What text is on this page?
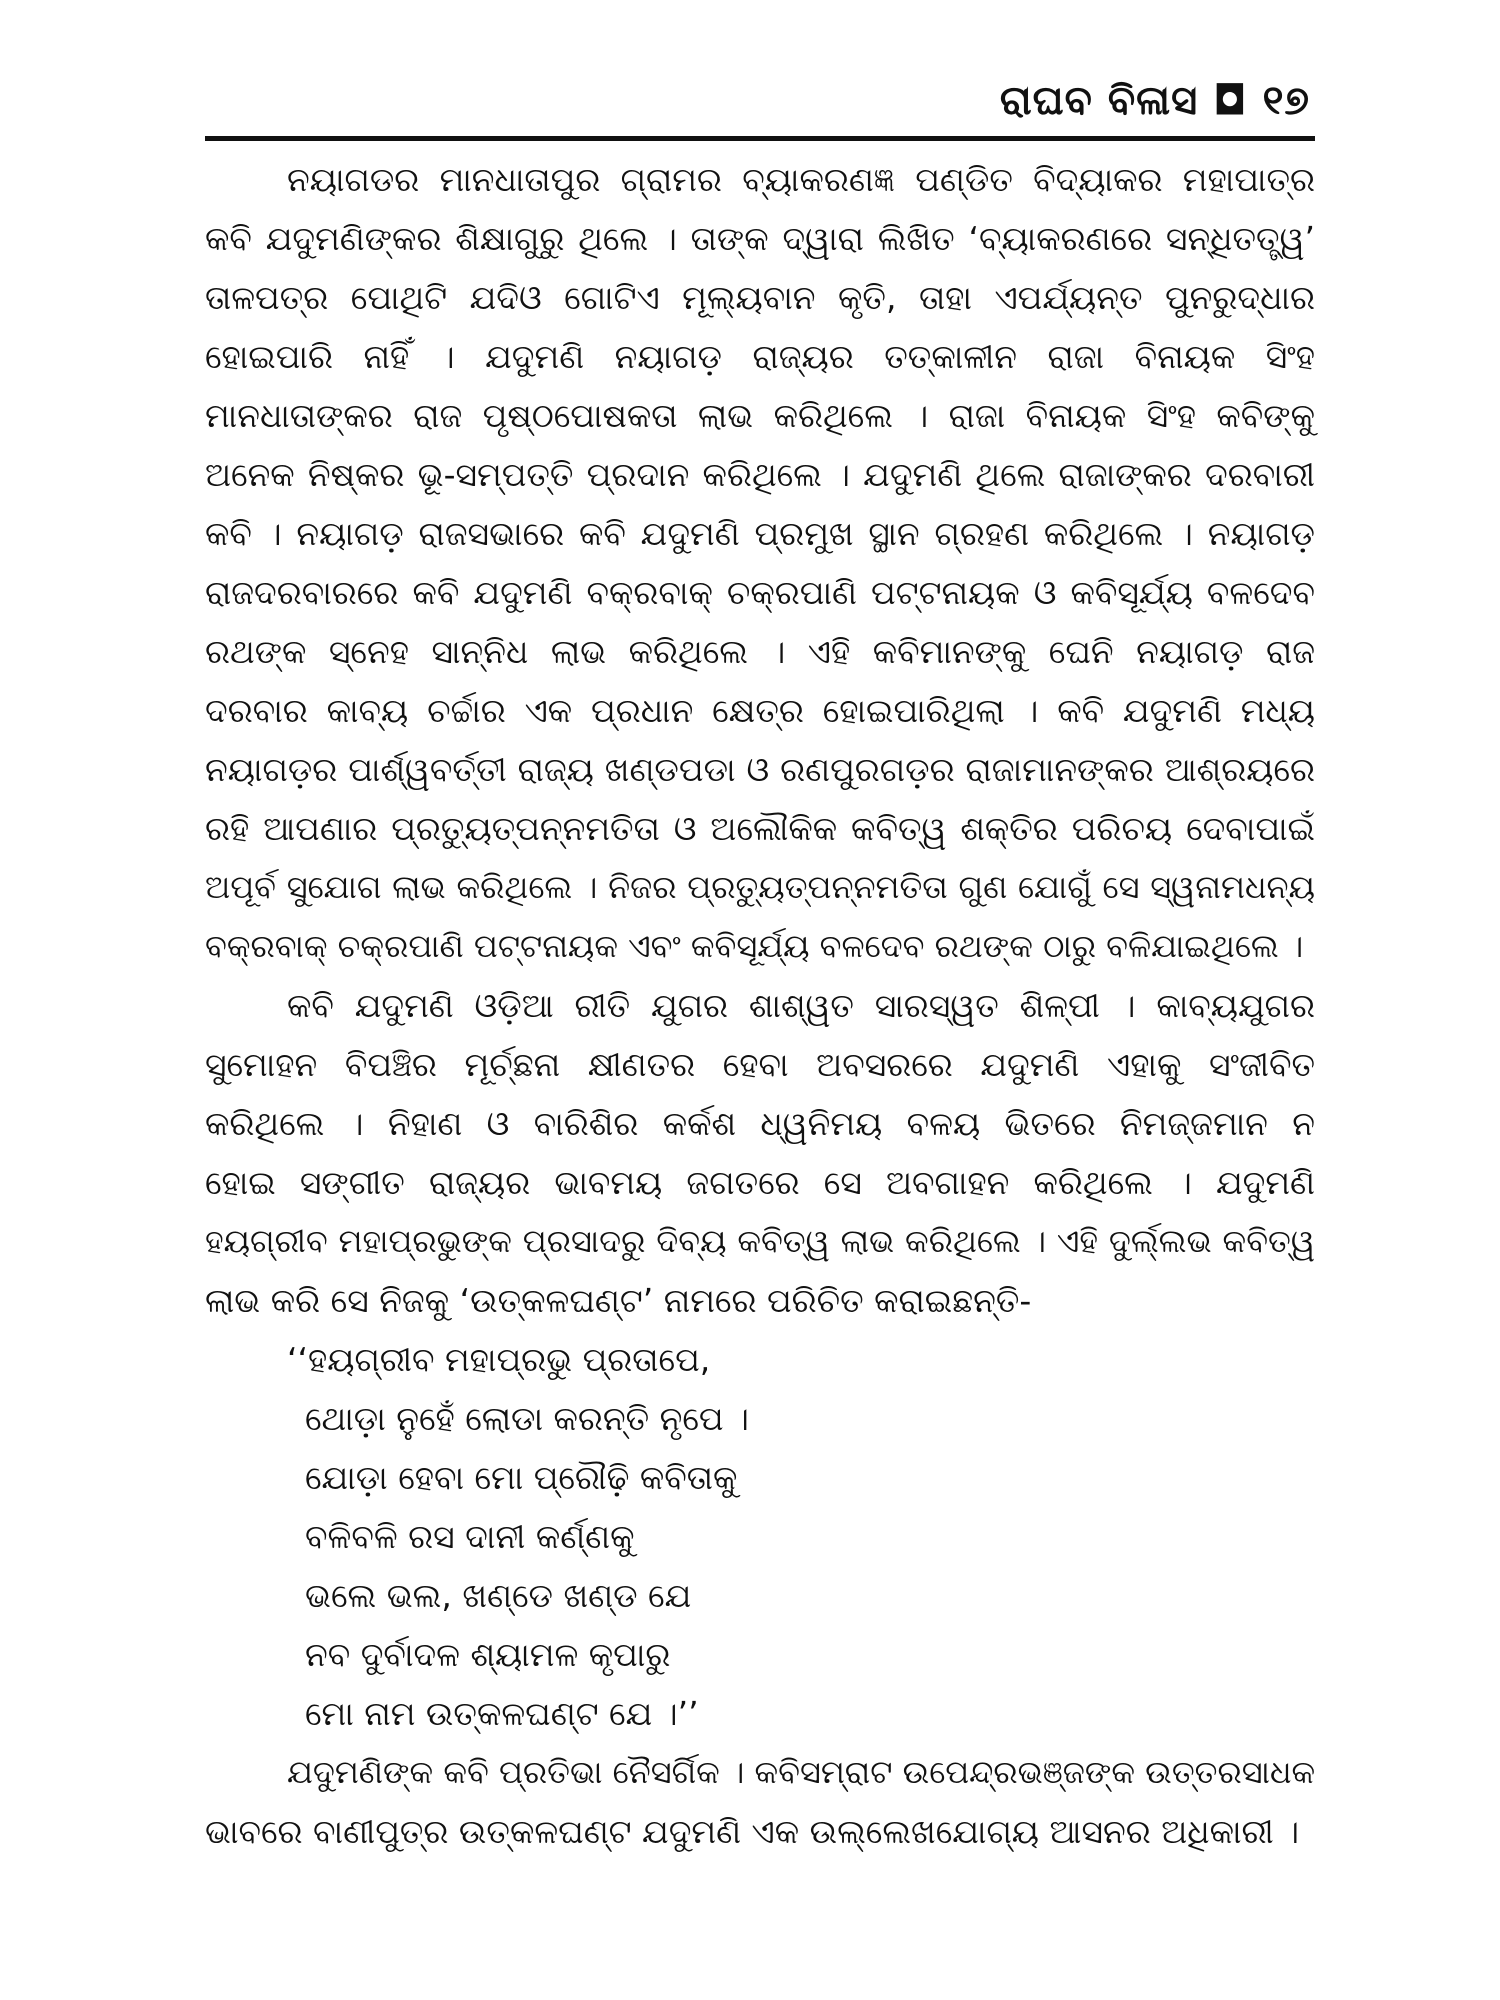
ରାଘବ ବିଳାସ ◘ ୧୭
ନୟାଗଡର ମାନଧାତାପୁର ଗ୍ରାମର ବ୍ୟାକରଣଜ୍ଞ ପଣ୍ଡିତ ବିଦ୍ୟାକର ମହାପାତ୍ର
କବି ଯଦୁମଣିଙ୍କର ଶିକ୍ଷାଗୁରୁ ଥିଲେ । ତାଙ୍କ ଦ୍ୱାରା ଲିଖିତ ‘ବ୍ୟାକରଣରେ ସନ୍ଧିତତ୍ତ୍ୱ’
ତାଳପତ୍ର ପୋଥିଟି ଯଦିଓ ଗୋଟିଏ ମୂଲ୍ୟବାନ କୃତି, ତାହା ଏପର୍ଯ୍ୟନ୍ତ ପୁନରୁଦ୍ଧାର
ହୋଇପାରି ନାହିଁ । ଯଦୁମଣି ନୟାଗଡ଼ ରାଜ୍ୟର ତତ୍କାଳୀନ ରାଜା ବିନାୟକ ସିଂହ
ମାନଧାତାଙ୍କର ରାଜ ପୃଷ୍ଠପୋଷକତା ଲାଭ କରିଥିଲେ । ରାଜା ବିନାୟକ ସିଂହ କବିଙ୍କୁ
ଅନେକ ନିଷ୍କର ଭୂ-ସମ୍ପତ୍ତି ପ୍ରଦାନ କରିଥିଲେ । ଯଦୁମଣି ଥିଲେ ରାଜାଙ୍କର ଦରବାରୀ
କବି । ନୟାଗଡ଼ ରାଜସଭାରେ କବି ଯଦୁମଣି ପ୍ରମୁଖ ସ୍ଥାନ ଗ୍ରହଣ କରିଥିଲେ । ନୟାଗଡ଼
ରାଜଦରବାରରେ କବି ଯଦୁମଣି ବକ୍ରବାକ୍ ଚକ୍ରପାଣି ପଟ୍ଟନାୟକ ଓ କବିସୂର୍ଯ୍ୟ ବଳଦେବ
ରଥଙ୍କ ସ୍ନେହ ସାନ୍ନିଧ ଲାଭ କରିଥିଲେ । ଏହି କବିମାନଙ୍କୁ ଘେନି ନୟାଗଡ଼ ରାଜ
ଦରବାର କାବ୍ୟ ଚର୍ଚ୍ଚାର ଏକ ପ୍ରଧାନ କ୍ଷେତ୍ର ହୋଇପାରିଥିଲା । କବି ଯଦୁମଣି ମଧ୍ୟ
ନୟାଗଡ଼ର ପାର୍ଶ୍ୱବର୍ତ୍ତୀ ରାଜ୍ୟ ଖଣ୍ଡପଡା ଓ ରଣପୁରଗଡ଼ର ରାଜାମାନଙ୍କର ଆଶ୍ରୟରେ
ରହି ଆପଣାର ପ୍ରତ୍ୟୁତ୍ପନ୍ନମତିତା ଓ ଅଲୌକିକ କବିତ୍ୱ ଶକ୍ତିର ପରିଚୟ ଦେବାପାଇଁ
ଅପୂର୍ବ ସୁଯୋଗ ଲାଭ କରିଥିଲେ । ନିଜର ପ୍ରତ୍ୟୁତ୍ପନ୍ନମତିତା ଗୁଣ ଯୋଗୁଁ ସେ ସ୍ୱନାମଧନ୍ୟ
ବକ୍ରବାକ୍ ଚକ୍ରପାଣି ପଟ୍ଟନାୟକ ଏବଂ କବିସୂର୍ଯ୍ୟ ବଳଦେବ ରଥଙ୍କ ଠାରୁ ବଳିଯାଇଥିଲେ ।
କବି ଯଦୁମଣି ଓଡ଼ିଆ ରୀତି ଯୁଗର ଶାଶ୍ୱତ ସାରସ୍ୱତ ଶିଳ୍ପୀ । କାବ୍ୟଯୁଗର
ସୁମୋହନ ବିପଞ୍ଚିର ମୂର୍ଚ୍ଛନା କ୍ଷୀଣତର ହେବା ଅବସରରେ ଯଦୁମଣି ଏହାକୁ ସଂଜୀବିତ
କରିଥିଲେ । ନିହାଣ ଓ ବାରିଶିର କର୍କଶ ଧ୍ୱନିମୟ ବଳୟ ଭିତରେ ନିମଜ୍ଜମାନ ନ
ହୋଇ ସଙ୍ଗୀତ ରାଜ୍ୟର ଭାବମୟ ଜଗତରେ ସେ ଅବଗାହନ କରିଥିଲେ । ଯଦୁମଣି
ହୟଗ୍ରୀବ ମହାପ୍ରଭୁଙ୍କ ପ୍ରସାଦରୁ ଦିବ୍ୟ କବିତ୍ୱ ଲାଭ କରିଥିଲେ । ଏହି ଦୁର୍ଲ୍ଲଭ କବିତ୍ୱ
ଲାଭ କରି ସେ ନିଜକୁ ‘ଉତ୍କଳଘଣ୍ଟ’ ନାମରେ ପରିଚିତ କରାଇଛନ୍ତି-
‘‘ହୟଗ୍ରୀବ ମହାପ୍ରଭୁ ପ୍ରତାପେ,
ଥୋଡ଼ା ନୁହେଁ ଲୋଡା କରନ୍ତି ନୃପେ ।
ଯୋଡ଼ା ହେବା ମୋ ପ୍ରୌଢ଼ି କବିତାକୁ
ବଳିବଳି ରସ ଦାନୀ କର୍ଣ୍ଣକୁ
ଭଲେ ଭଲ, ଖଣ୍ଡେ ଖଣ୍ଡ ଯେ
ନବ ଦୁର୍ବାଦଳ ଶ୍ୟାମଳ କୃପାରୁ
ମୋ ନାମ ଉତ୍କଳଘଣ୍ଟ ଯେ ।’’
ଯଦୁମଣିଙ୍କ କବି ପ୍ରତିଭା ନୈସର୍ଗିକ । କବିସମ୍ରାଟ ଉପେନ୍ଦ୍ରଭଞ୍ଜଙ୍କ ଉତ୍ତରସାଧକ
ଭାବରେ ବାଣୀପୁତ୍ର ଉତ୍କଳଘଣ୍ଟ ଯଦୁମଣି ଏକ ଉଲ୍ଲେଖଯୋଗ୍ୟ ଆସନର ଅଧିକାରୀ ।
